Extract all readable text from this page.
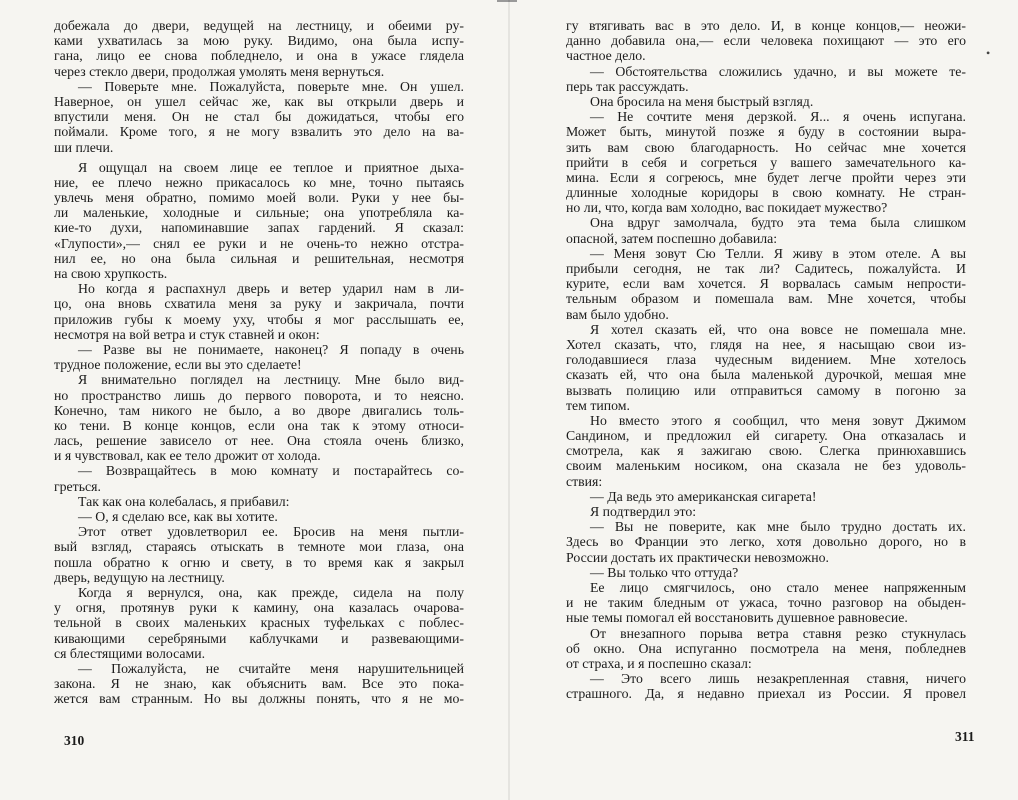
добежала до двери, ведущей на лестницу, и обеими ру-
ками ухватилась за мою руку. Видимо, она была испу-
гана, лицо ее снова побледнело, и она в ужасе глядела
через стекло двери, продолжая умолять меня вернуться.
— Поверьте мне. Пожалуйста, поверьте мне. Он ушел.
Наверное, он ушел сейчас же, как вы открыли дверь и
впустили меня. Он не стал бы дожидаться, чтобы его
поймали. Кроме того, я не могу взвалить это дело на ва-
ши плечи.
Я ощущал на своем лице ее теплое и приятное дыха-
ние, ее плечо нежно прикасалось ко мне, точно пытаясь
увлечь меня обратно, помимо моей воли. Руки у нее бы-
ли маленькие, холодные и сильные; она употребляла ка-
кие-то духи, напоминавшие запах гардений. Я сказал:
«Глупости»,— снял ее руки и не очень-то нежно отстра-
нил ее, но она была сильная и решительная, несмотря
на свою хрупкость.
Но когда я распахнул дверь и ветер ударил нам в ли-
цо, она вновь схватила меня за руку и закричала, почти
приложив губы к моему уху, чтобы я мог расслышать ее,
несмотря на вой ветра и стук ставней и окон:
— Разве вы не понимаете, наконец? Я попаду в очень
трудное положение, если вы это сделаете!
Я внимательно поглядел на лестницу. Мне было вид-
но пространство лишь до первого поворота, и то неясно.
Конечно, там никого не было, а во дворе двигались толь-
ко тени. В конце концов, если она так к этому относи-
лась, решение зависело от нее. Она стояла очень близко,
и я чувствовал, как ее тело дрожит от холода.
— Возвращайтесь в мою комнату и постарайтесь со-
греться.
Так как она колебалась, я прибавил:
— О, я сделаю все, как вы хотите.
Этот ответ удовлетворил ее. Бросив на меня пытли-
вый взгляд, стараясь отыскать в темноте мои глаза, она
пошла обратно к огню и свету, в то время как я закрыл
дверь, ведущую на лестницу.
Когда я вернулся, она, как прежде, сидела на полу
у огня, протянув руки к камину, она казалась очарова-
тельной в своих маленьких красных туфельках с поблес-
кивающими серебряными каблучками и развевающими-
ся блестящими волосами.
— Пожалуйста, не считайте меня нарушительницей
закона. Я не знаю, как объяснить вам. Все это пока-
жется вам странным. Но вы должны понять, что я не мо-
310
гу втягивать вас в это дело. И, в конце концов,— неожи-
данно добавила она,— если человека похищают — это его
частное дело.
— Обстоятельства сложились удачно, и вы можете те-
перь так рассуждать.
Она бросила на меня быстрый взгляд.
— Не сочтите меня дерзкой. Я... я очень испугана.
Может быть, минутой позже я буду в состоянии выра-
зить вам свою благодарность. Но сейчас мне хочется
прийти в себя и согреться у вашего замечательного ка-
мина. Если я согреюсь, мне будет легче пройти через эти
длинные холодные коридоры в свою комнату. Не стран-
но ли, что, когда вам холодно, вас покидает мужество?
Она вдруг замолчала, будто эта тема была слишком
опасной, затем поспешно добавила:
— Меня зовут Сю Телли. Я живу в этом отеле. А вы
прибыли сегодня, не так ли? Садитесь, пожалуйста. И
курите, если вам хочется. Я ворвалась самым непрости-
тельным образом и помешала вам. Мне хочется, чтобы
вам было удобно.
Я хотел сказать ей, что она вовсе не помешала мне.
Хотел сказать, что, глядя на нее, я насыщаю свои из-
голодавшиеся глаза чудесным видением. Мне хотелось
сказать ей, что она была маленькой дурочкой, мешая мне
вызвать полицию или отправиться самому в погоню за
тем типом.
Но вместо этого я сообщил, что меня зовут Джимом
Сандином, и предложил ей сигарету. Она отказалась и
смотрела, как я зажигаю свою. Слегка принюхавшись
своим маленьким носиком, она сказала не без удоволь-
ствия:
— Да ведь это американская сигарета!
Я подтвердил это:
— Вы не поверите, как мне было трудно достать их.
Здесь во Франции это легко, хотя довольно дорого, но в
России достать их практически невозможно.
— Вы только что оттуда?
Ее лицо смягчилось, оно стало менее напряженным
и не таким бледным от ужаса, точно разговор на обыден-
ные темы помогал ей восстановить душевное равновесие.
От внезапного порыва ветра ставня резко стукнулась
об окно. Она испуганно посмотрела на меня, побледнев
от страха, и я поспешно сказал:
— Это всего лишь незакрепленная ставня, ничего
страшного. Да, я недавно приехал из России. Я провел
311
•
